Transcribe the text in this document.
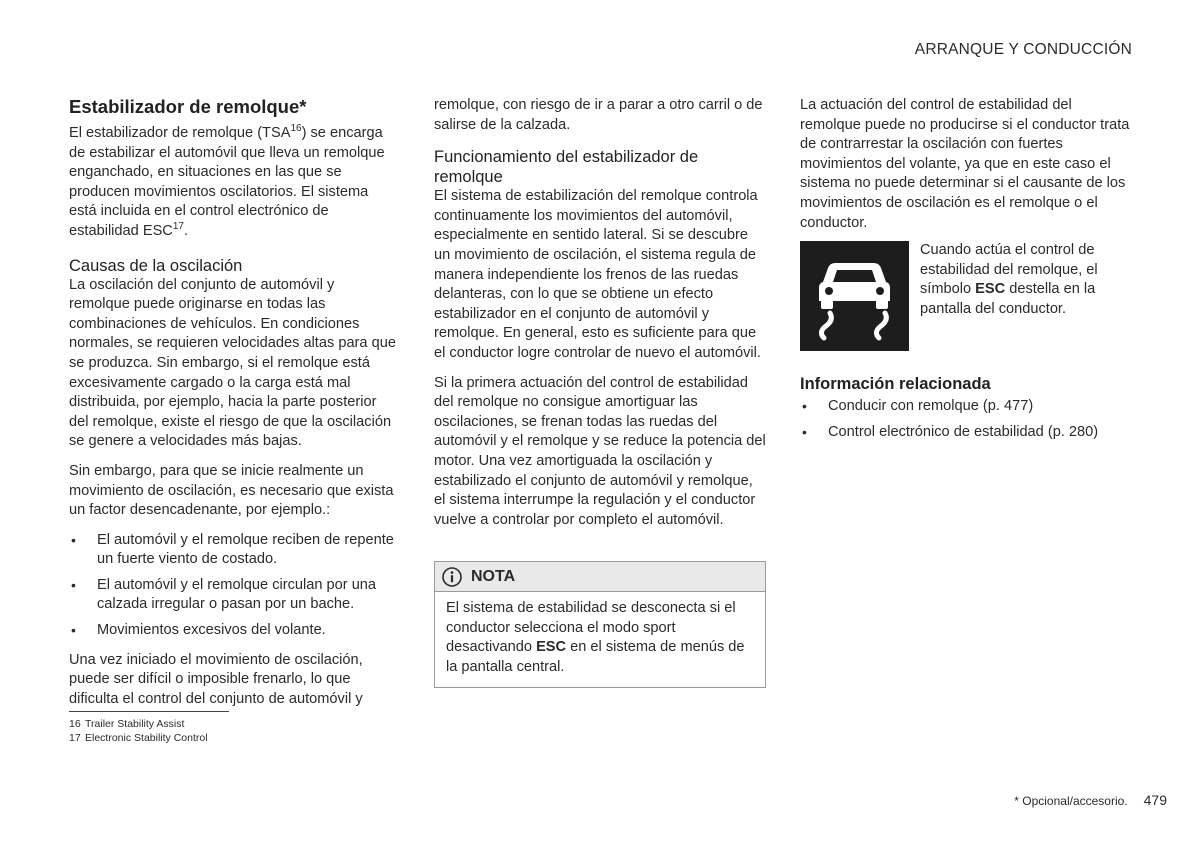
ARRANQUE Y CONDUCCIÓN
Estabilizador de remolque*

El estabilizador de remolque (TSA$^{16}$) se encarga de estabilizar el automóvil que lleva un remolque enganchado, en situaciones en las que se producen movimientos oscilatorios. El sistema está incluida en el control electrónico de estabilidad ESC$^{17}$.

Causas de la oscilación

La oscilación del conjunto de automóvil y remolque puede originarse en todas las combinaciones de vehículos. En condiciones normales, se requieren velocidades altas para que se produzca. Sin embargo, si el remolque está excesivamente cargado o la carga está mal distribuida, por ejemplo, hacia la parte posterior del remolque, existe el riesgo de que la oscilación se genere a velocidades más bajas.

Sin embargo, para que se inicie realmente un movimiento de oscilación, es necesario que exista un factor desencadenante, por ejemplo.:

• El automóvil y el remolque reciben de repente un fuerte viento de costado.
• El automóvil y el remolque circulan por una calzada irregular o pasan por un bache.
• Movimientos excesivos del volante.

Una vez iniciado el movimiento de oscilación, puede ser difícil o imposible frenarlo, lo que dificulta el control del conjunto de automóvil y

remolque, con riesgo de ir a parar a otro carril o de salirse de la calzada.

Funcionamiento del estabilizador de remolque

El sistema de estabilización del remolque controla continuamente los movimientos del automóvil, especialmente en sentido lateral. Si se descubre un movimiento de oscilación, el sistema regula de manera independiente los frenos de las ruedas delanteras, con lo que se obtiene un efecto estabilizador en el conjunto de automóvil y remolque. En general, esto es suficiente para que el conductor logre controlar de nuevo el automóvil.

Si la primera actuación del control de estabilidad del remolque no consigue amortiguar las oscilaciones, se frenan todas las ruedas del automóvil y el remolque y se reduce la potencia del motor. Una vez amortiguada la oscilación y estabilizado el conjunto de automóvil y remolque, el sistema interrumpe la regulación y el conductor vuelve a controlar por completo el automóvil.

NOTA
El sistema de estabilidad se desconecta si el conductor selecciona el modo sport desactivando ESC en el sistema de menús de la pantalla central.

La actuación del control de estabilidad del remolque puede no producirse si el conductor trata de contrarrestar la oscilación con fuertes movimientos del volante, ya que en este caso el sistema no puede determinar si el causante de los movimientos de oscilación es el remolque o el conductor.

Cuando actúa el control de estabilidad del remolque, el símbolo ESC destella en la pantalla del conductor.
Información relacionada
• Conducir con remolque (p. 477)
• Control electrónico de estabilidad (p. 280)
16 Trailer Stability Assist
17 Electronic Stability Control
* Opcional/accesorio. 479
